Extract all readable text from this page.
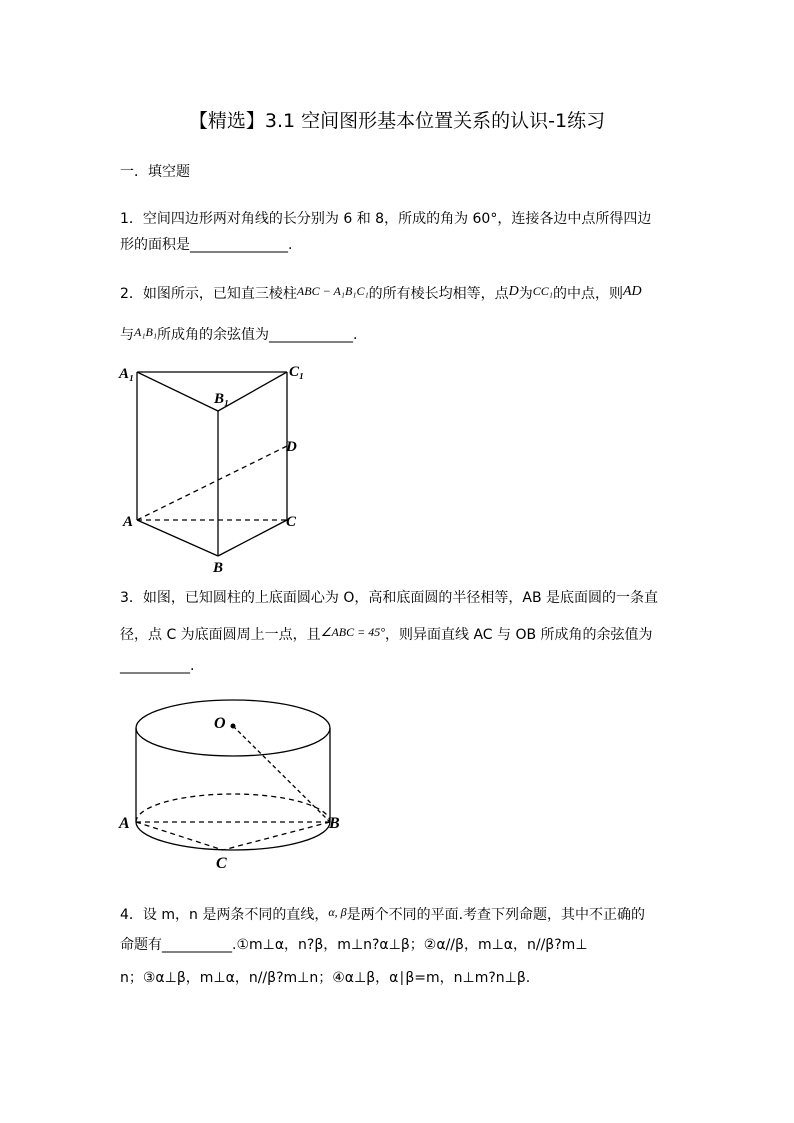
【精选】3.1 空间图形基本位置关系的认识-1练习
一．填空题
1．空间四边形两对角线的长分别为 6 和 8，所成的角为 60°，连接各边中点所得四边
形的面积是______________.
2．如图所示，已知直三棱柱ABC − A₁B₁C₁的所有棱长均相等，点D为CC₁的中点，则AD
与A₁B₁所成角的余弦值为____________.
A₁	C₁
B₁
D
A	C
B
3．如图，已知圆柱的上底面圆心为 O，高和底面圆的半径相等，AB 是底面圆的一条直
径，点 C 为底面圆周上一点，且∠ABC = 45°，则异面直线 AC 与 OB 所成角的余弦值为
__________.
O
A	B
C
4．设 m，n 是两条不同的直线，α, β是两个不同的平面.考查下列命题，其中不正确的
命题有__________.①m⊥α，n?β，m⊥n?α⊥β；②α//β，m⊥α，n//β?m⊥
n；③α⊥β，m⊥α，n//β?m⊥n；④α⊥β，α∣β=m，n⊥m?n⊥β.
